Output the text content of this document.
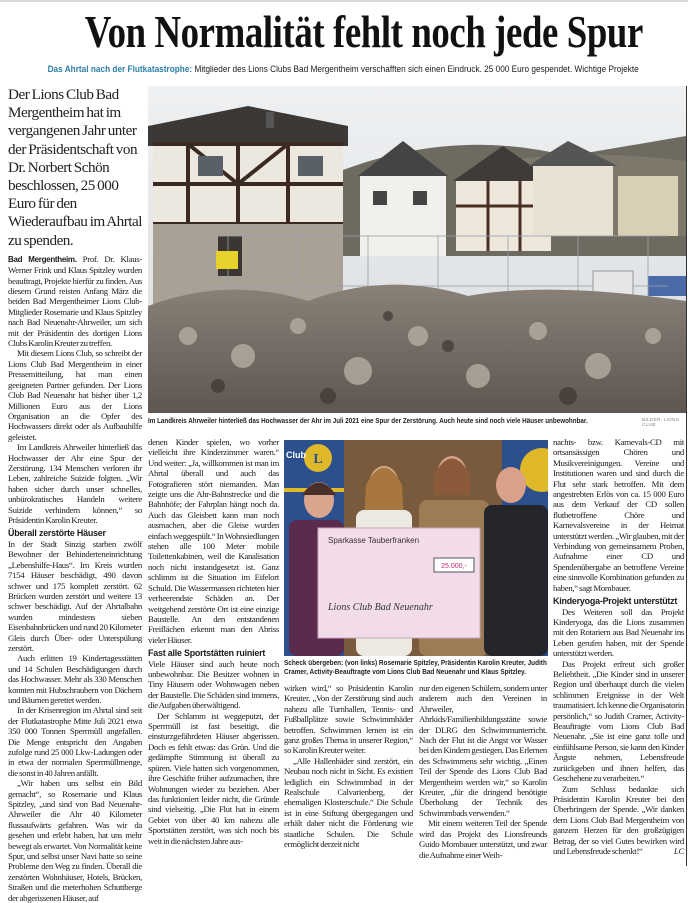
Von Normalität fehlt noch jede Spur
Das Ahrtal nach der Flutkatastrophe: Mitglieder des Lions Clubs Bad Mergentheim verschafften sich einen Eindruck. 25 000 Euro gespendet. Wichtige Projekte

Der Lions Club Bad Mergentheim hat im vergangenen Jahr unter der Präsidentschaft von Dr. Norbert Schön beschlossen, 25 000 Euro für den Wiederaufbau im Ahrtal zu spenden.

Bad Mergentheim. Prof. Dr. Klaus-Werner Frink und Klaus Spitzley wurden beauftragt, Projekte hierfür zu finden. Aus diesem Grund reisten Anfang März die beiden Bad Mergentheimer Lions Club-Mitglieder Rosemarie und Klaus Spitzley nach Bad Neuenahr-Ahrweiler, um sich mit der Präsidentin des dortigen Lions Clubs Karolin Kreuter zu treffen.

Mit diesem Lions Club, so schreibt der Lions Club Bad Mergentheim in einer Pressemitteilung, hat man einen geeigneten Partner gefunden. Der Lions Club Bad Neuenahr hat bisher über 1,2 Millionen Euro aus der Lions Organisation an die Opfer des Hochwassers direkt oder als Aufbauhilfe geleistet.

Im Landkreis Ahrweiler hinterließ das Hochwasser der Ahr eine Spur der Zerstörung. 134 Menschen verloren ihr Leben, zahlreiche Suizide folgten. „Wir haben sicher durch unser schnelles, unbürokratisches Handeln weitere Suizide verhindern können,“ so Präsidentin Karolin Kreuter.

Überall zerstörte Häuser

In der Stadt Sinzig starben zwölf Bewohner der Behinderteneinrichtung „Lebenshilfe-Haus“. Im Kreis wurden 7154 Häuser beschädigt, 490 davon schwer und 175 komplett zerstört. 62 Brücken wurden zerstört und weitere 13 schwer beschädigt. Auf der Ahrtalbahn wurden mindestens sieben Eisenbahnbrücken und rund 20 Kilometer Gleis durch Über- oder Unterspülung zerstört.

Auch erlitten 19 Kindertagesstätten und 14 Schulen Beschädigungen durch das Hochwasser. Mehr als 330 Menschen konnten mit Hubschraubern von Dächern und Bäumen gerettet werden.

In der Krisenregion im Ahrtal sind seit der Flutkatastrophe Mitte Juli 2021 etwa 350 000 Tonnen Sperrmüll angefallen. Die Menge entspricht den Angaben zufolge rund 25 000 Lkw-Ladungen oder in etwa der normalen Sperrmüllmenge, die sonst in 40 Jahren anfällt.

„Wir haben uns selbst ein Bild gemacht“, so Rosemarie und Klaus Spitzley, „und sind von Bad Neuenahr-Ahrweiler die Ahr 40 Kilometer flussaufwärts gefahren. Was wir da gesehen und erlebt haben, hat uns mehr bewegt als erwartet. Von Normalität keine Spur, und selbst unser Navi hatte so seine Probleme den Weg zu finden. Überall die zerstörten Wohnhäuser, Hotels, Brücken, Straßen und die meterhohen Schuttberge der abgerissenen Häuser, auf

denen Kinder spielen, wo vorher vielleicht ihre Kinderzimmer waren.“ Und weiter: „Ja, willkommen ist man im Ahrtal überall und auch das Fotografieren stört niemanden. Man zeigte uns die Ahr-Bahnstrecke und die Bahnhöfe; der Fahrplan hängt noch da. Auch das Gleisbett kann man noch ausmachen, aber die Gleise wurden einfach weggespült.“ In Wohnsiedlungen stehen alle 100 Meter mobile Toilettenkabinen, weil die Kanalisation noch nicht instandgesetzt ist. Ganz schlimm ist die Situation im Eifelort Schuld. Die Wassermassen richteten hier verheerendste Schäden an. Der weitgehend zerstörte Ort ist eine einzige Baustelle. An den entstandenen Freiflächen erkennt man den Abriss vieler Häuser.

Fast alle Sportstätten ruiniert

Viele Häuser sind auch heute noch unbewohnbar. Die Besitzer wohnen in Tiny Häusern oder Wohnwagen neben der Baustelle. Die Schäden sind immens, die Aufgaben überwältigend.

Der Schlamm ist weggeputzt, der Sperrmüll ist fast beseitigt, die einsturzgefährdeten Häuser abgerissen. Doch es fehlt etwas: das Grün. Und die gedämpfte Stimmung ist überall zu spüren. Viele hatten sich vorgenommen, ihre Geschäfte früher aufzumachen, ihre Wohnungen wieder zu beziehen. Aber das funktioniert leider nicht, die Gründe sind vielseitig. „Die Flut hat in einem Gebiet von über 40 km nahezu alle Sportstätten zerstört, was sich noch bis weit in die nächsten Jahre aus-

wirken wird,“ so Präsidentin Karolin Kreuter. „Von der Zerstörung sind auch nahezu alle Turnhallen, Tennis- und Fußballplätze sowie Schwimmbäder betroffen. Schwimmen lernen ist ein ganz großes Thema in unserer Region,“ so Karolin Kreuter weiter.

„Alle Hallenbäder sind zerstört, ein Neubau noch nicht in Sicht. Es existiert lediglich ein Schwimmbad in der Realschule Calvarienberg, der ehemaligen Klosterschule.“ Die Schule ist in eine Stiftung übergegangen und erhält daher nicht die Förderung wie staatliche Schulen. Die Schule ermöglicht derzeit nicht

nur den eigenen Schülern, sondern unter anderem auch den Vereinen in Ahrweiler, Ahrkids/Familienbildungsstätte sowie der DLRG den Schwimmunterricht. Nach der Flut ist die Angst vor Wasser bei den Kindern gestiegen. Das Erlernen des Schwimmens sehr wichtig. „Einen Teil der Spende des Lions Club Bad Mergentheim werden wir,“ so Karolin Kreuter, „für die dringend benötigte Überholung der Technik des Schwimmbads verwenden.“

Mit einem weiteren Teil der Spende wird das Projekt des Lionsfreunds Guido Mombauer unterstützt, und zwar die Aufnahme einer Weih-

nachts- bzw. Karnevals-CD mit ortsansässigen Chören und Musikvereinigungen. Vereine und Institutionen waren und sind durch die Flut sehr stark betroffen. Mit dem angestrebten Erlös von ca. 15 000 Euro aus dem Verkauf der CD sollen flutbetroffene Chöre und Karnevalsvereine in der Heimat unterstützt werden. „Wir glauben, mit der Verbindung von gemeinsamem Proben, Aufnahme einer CD und Spendenübergabe an betroffene Vereine eine sinnvolle Kombination gefunden zu haben,“ sagt Mombauer.

Kinderyoga-Projekt unterstützt

Des Weiteren soll das Projekt Kinderyoga, das die Lions zusammen mit den Rotariern aus Bad Neuenahr ins Leben gerufen haben, mit der Spende unterstützt werden.

Das Projekt erfreut sich großer Beliebtheit. „Die Kinder sind in unserer Region und überhaupt durch die vielen schlimmen Ereignisse in der Welt traumatisiert. Ich kenne die Organisatorin persönlich,“ so Judith Cramer, Activity-Beauftragte vom Lions Club Bad Neuenahr. „Sie ist eine ganz tolle und einfühlsame Person, sie kann den Kinder Ängste nehmen, Lebensfreude zurückgeben und ihnen helfen, das Geschehene zu verarbeiten.“

Zum Schluss bedankte sich Präsidentin Karolin Kreuter bei den Überbringern der Spende. „Wir danken dem Lions Club Bad Mergentheim von ganzem Herzen für den großzügigen Betrag, der so viel Gutes bewirken wird und Lebensfreude schenkt!“	LC

Im Landkreis Ahrweiler hinterließ das Hochwasser der Ahr im Juli 2021 eine Spur der Zerstörung. Auch heute sind noch viele Häuser unbewohnbar.	BILDER: LIONS CLUB
L
Club
Sparkasse Tauberfranken
25.000,-
Lions Club Bad Neuenahr
Scheck übergeben: (von links) Rosemarie Spitzley, Präsidentin Karolin Kreuter, Judith Cramer, Activity-Beauftragte vom Lions Club Bad Neuenahr und Klaus Spitzley.
